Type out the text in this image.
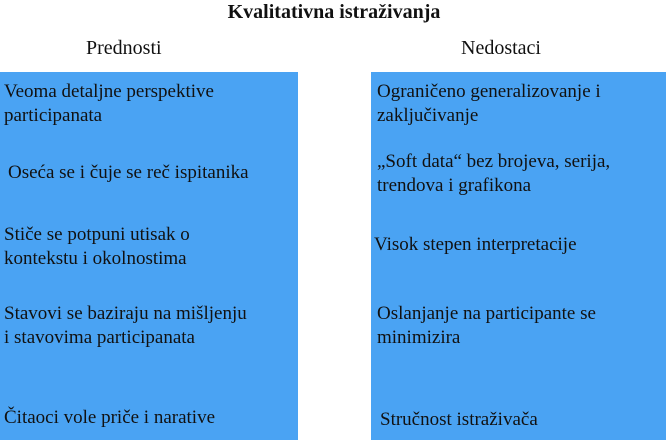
Kvalitativna istraživanja
Prednosti	Nedostaci
Veoma detaljne perspektive
participanata
Oseća se i čuje se reč ispitanika
Stiče se potpuni utisak o
kontekstu i okolnostima
Stavovi se baziraju na mišljenju
i stavovima participanata
Čitaoci vole priče i narative
Ograničeno generalizovanje i
zaključivanje
„Soft data“ bez brojeva, serija,
trendova i grafikona
Visok stepen interpretacije
Oslanjanje na participante se
minimizira
Stručnost istraživača
